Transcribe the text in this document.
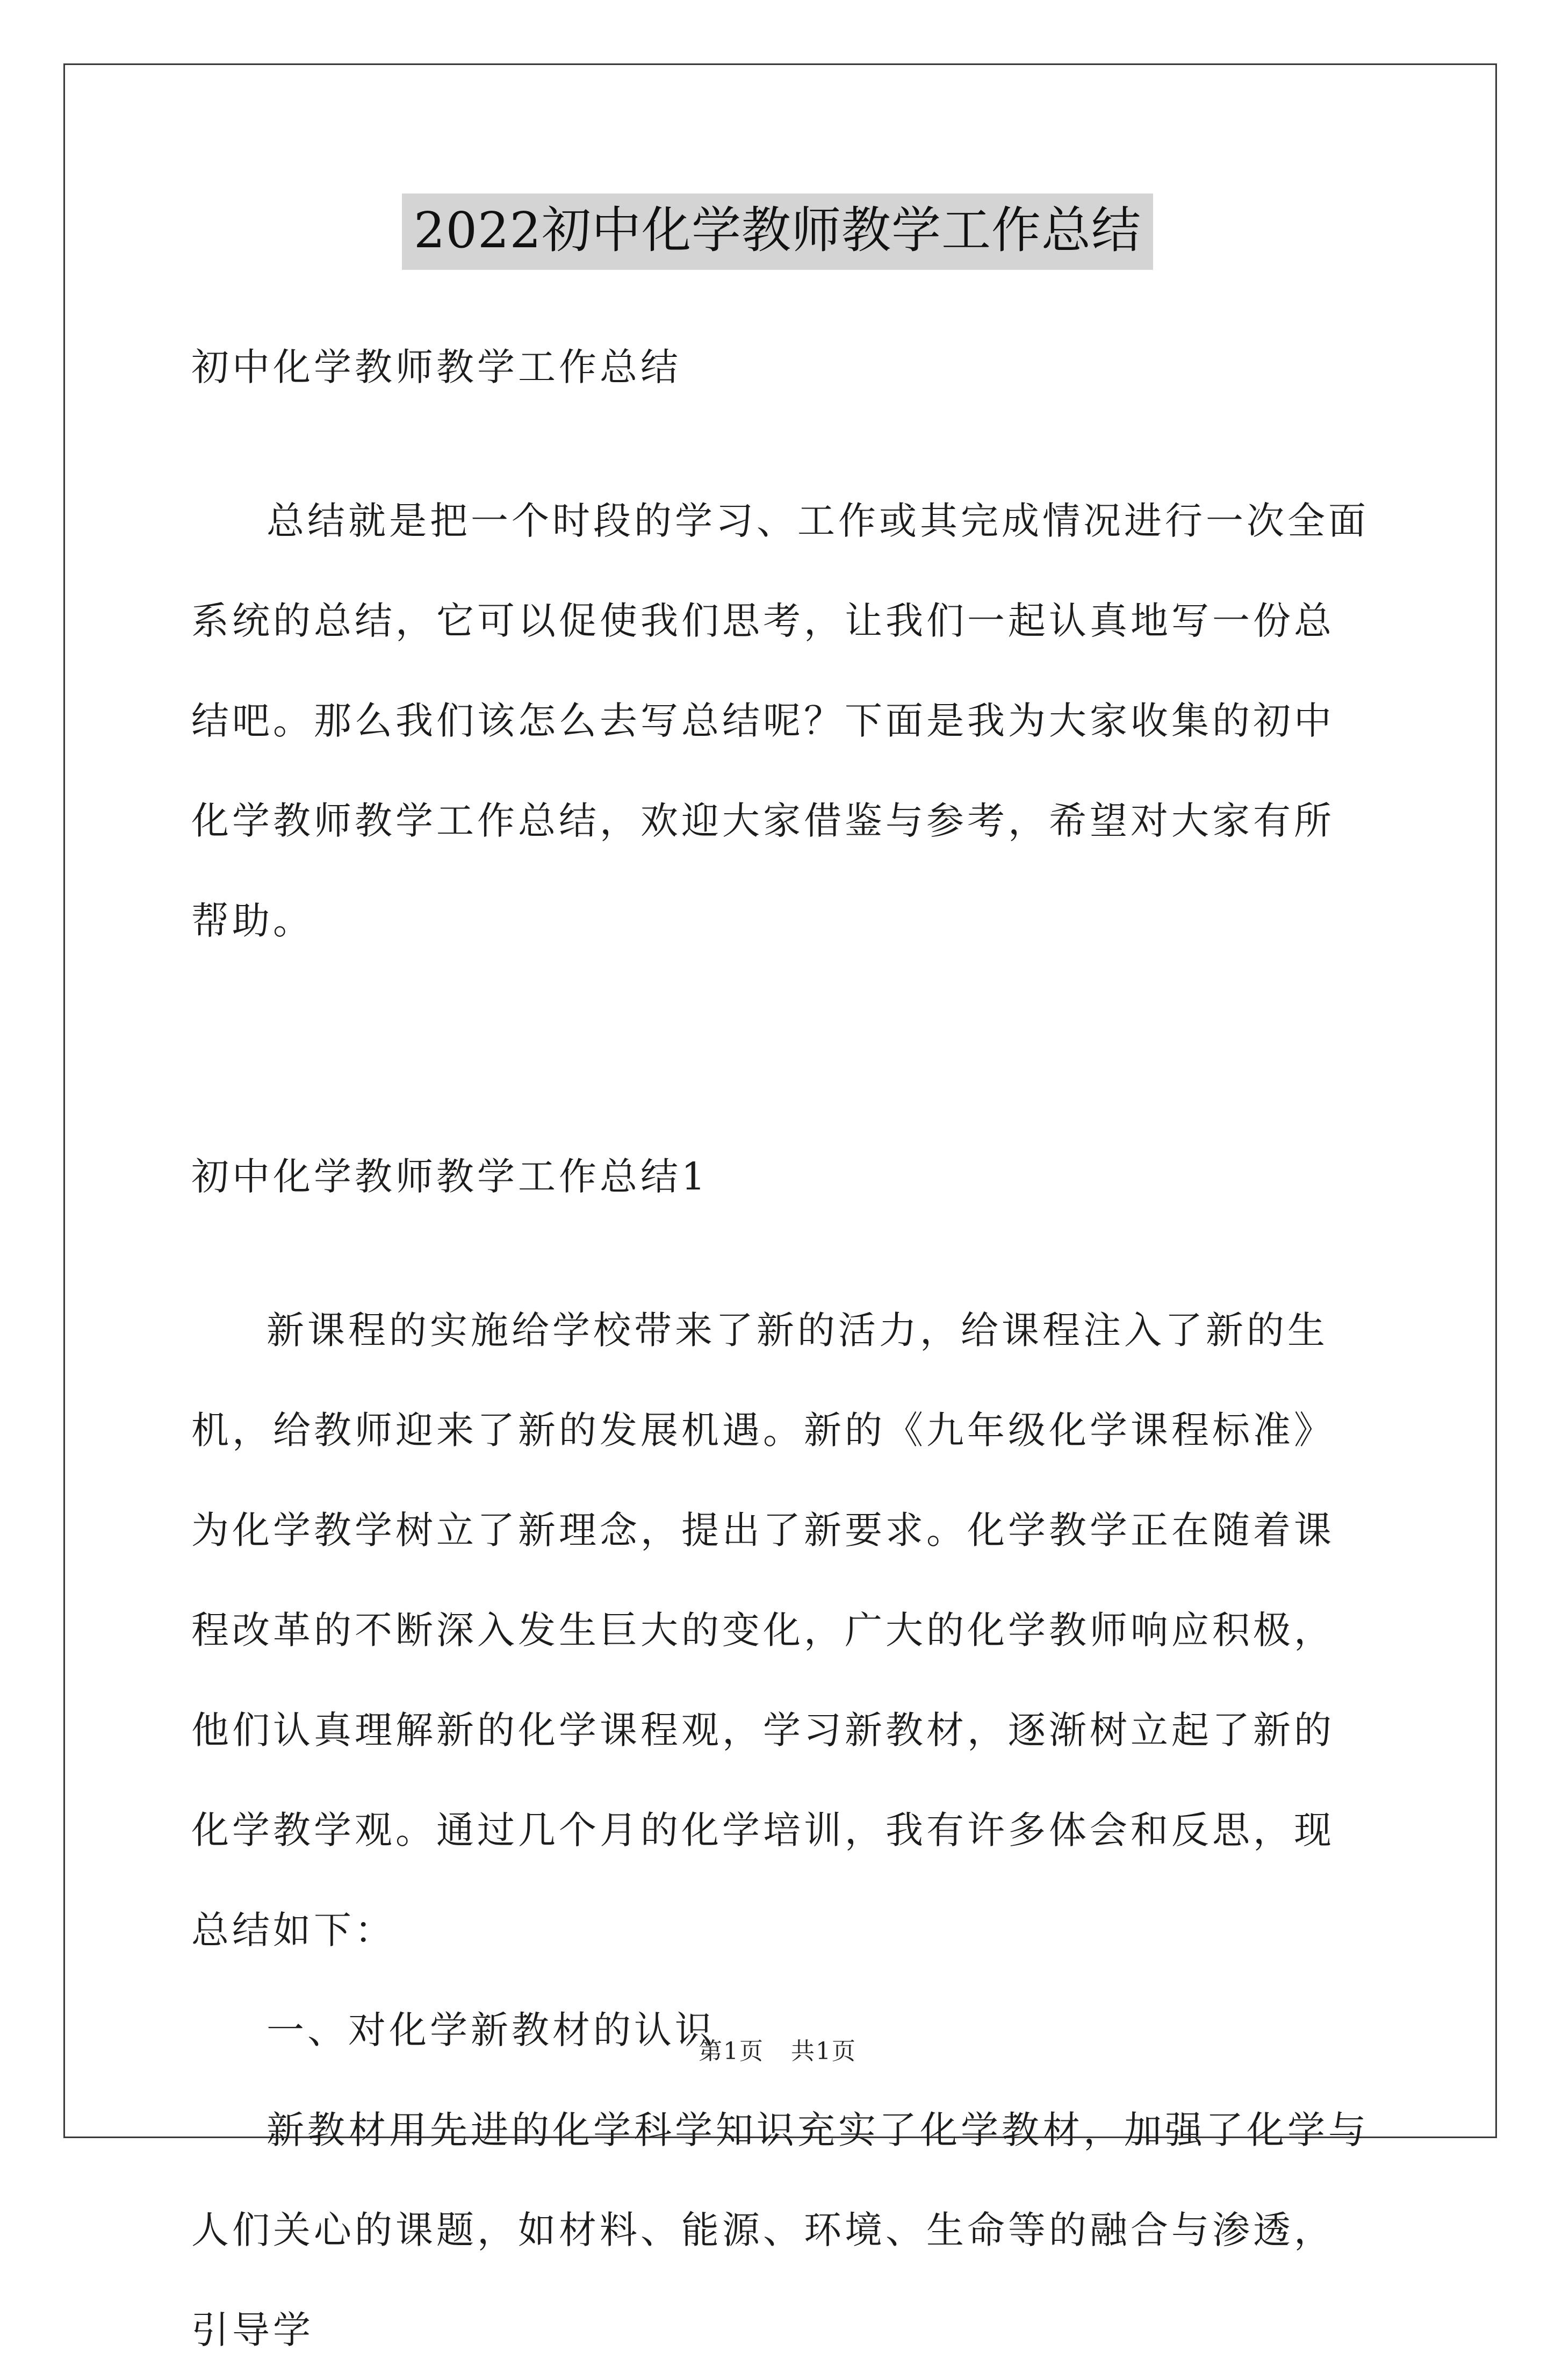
2022初中化学教师教学工作总结

初中化学教师教学工作总结

总结就是把一个时段的学习、工作或其完成情况进行一次全面系统的总结，它可以促使我们思考，让我们一起认真地写一份总结吧。那么我们该怎么去写总结呢？下面是我为大家收集的初中化学教师教学工作总结，欢迎大家借鉴与参考，希望对大家有所帮助。

初中化学教师教学工作总结1

新课程的实施给学校带来了新的活力，给课程注入了新的生机，给教师迎来了新的发展机遇。新的《九年级化学课程标准》为化学教学树立了新理念，提出了新要求。化学教学正在随着课程改革的不断深入发生巨大的变化，广大的化学教师响应积极，他们认真理解新的化学课程观，学习新教材，逐渐树立起了新的化学教学观。通过几个月的化学培训，我有许多体会和反思，现总结如下：

一、对化学新教材的认识

新教材用先进的化学科学知识充实了化学教材，加强了化学与人们关心的课题，如材料、能源、环境、生命等的融合与渗透，引导学

第1页 共1页
